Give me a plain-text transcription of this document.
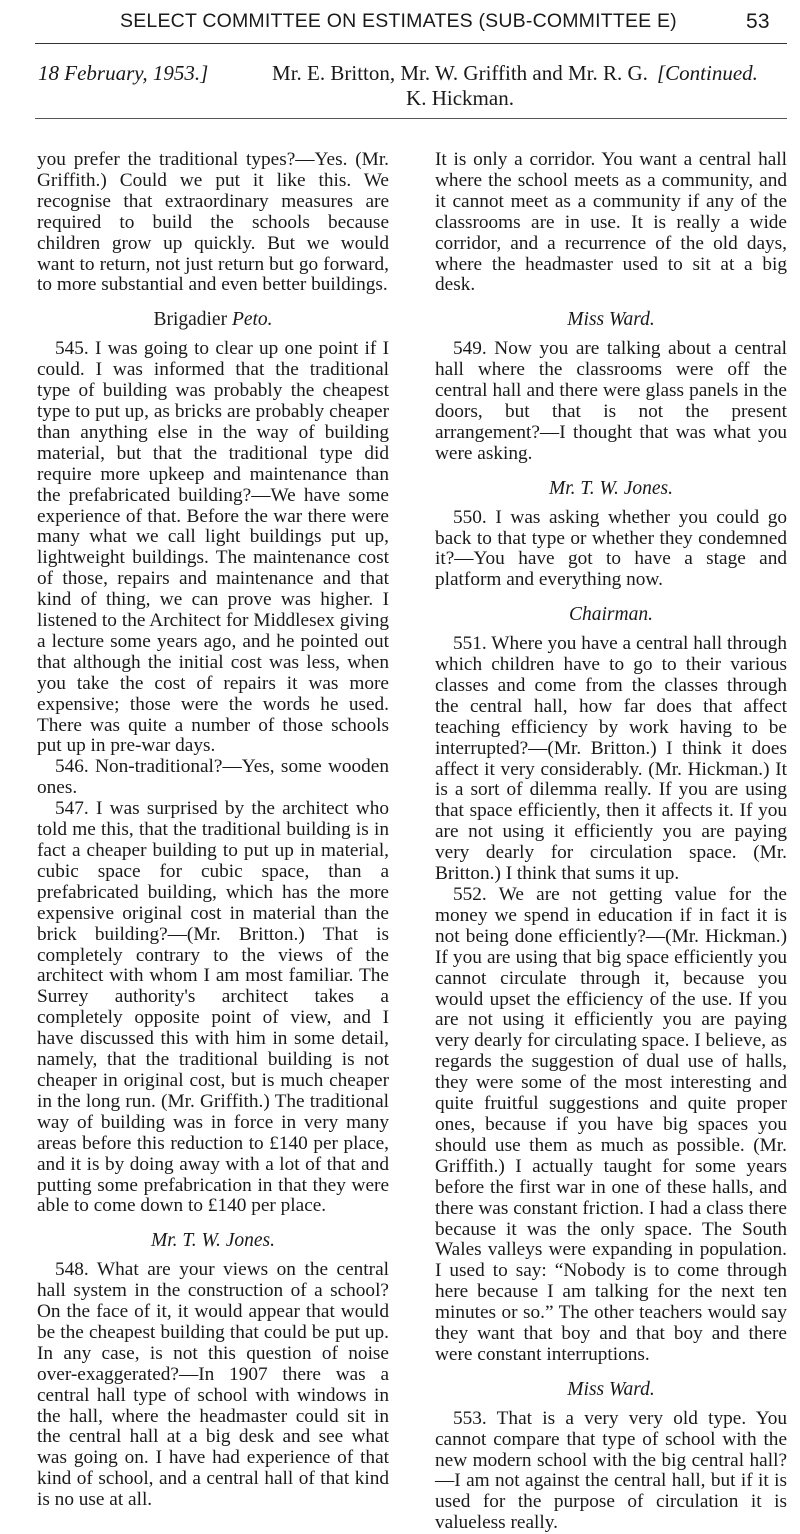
SELECT COMMITTEE ON ESTIMATES (SUB-COMMITTEE E)	53
18 February, 1953.]	Mr. E. Britton, Mr. W. Griffith and Mr. R. G. K. Hickman.
[Continued.

you prefer the traditional types?—Yes. (Mr. Griffith.) Could we put it like this. We recognise that extraordinary measures are required to build the schools because children grow up quickly. But we would want to return, not just return but go forward, to more substantial and even better buildings.

Brigadier Peto.

545. I was going to clear up one point if I could. I was informed that the traditional type of building was probably the cheapest type to put up, as bricks are probably cheaper than anything else in the way of building material, but that the traditional type did require more upkeep and maintenance than the prefabricated building?—We have some experience of that. Before the war there were many what we call light buildings put up, lightweight buildings. The maintenance cost of those, repairs and maintenance and that kind of thing, we can prove was higher. I listened to the Architect for Middlesex giving a lecture some years ago, and he pointed out that although the initial cost was less, when you take the cost of repairs it was more expensive; those were the words he used. There was quite a number of those schools put up in pre-war days.

546. Non-traditional?—Yes, some wooden ones.

547. I was surprised by the architect who told me this, that the traditional building is in fact a cheaper building to put up in material, cubic space for cubic space, than a prefabricated building, which has the more expensive original cost in material than the brick building?—(Mr. Britton.) That is completely contrary to the views of the architect with whom I am most familiar. The Surrey authority's architect takes a completely opposite point of view, and I have discussed this with him in some detail, namely, that the traditional building is not cheaper in original cost, but is much cheaper in the long run. (Mr. Griffith.) The traditional way of building was in force in very many areas before this reduction to £140 per place, and it is by doing away with a lot of that and putting some prefabrication in that they were able to come down to £140 per place.

Mr. T. W. Jones.

548. What are your views on the central hall system in the construction of a school? On the face of it, it would appear that would be the cheapest building that could be put up. In any case, is not this question of noise over-exaggerated?—In 1907 there was a central hall type of school with windows in the hall, where the headmaster could sit in the central hall at a big desk and see what was going on. I have had experience of that kind of school, and a central hall of that kind is no use at all.

It is only a corridor. You want a central hall where the school meets as a community, and it cannot meet as a community if any of the classrooms are in use. It is really a wide corridor, and a recurrence of the old days, where the headmaster used to sit at a big desk.

Miss Ward.

549. Now you are talking about a central hall where the classrooms were off the central hall and there were glass panels in the doors, but that is not the present arrangement?—I thought that was what you were asking.

Mr. T. W. Jones.

550. I was asking whether you could go back to that type or whether they condemned it?—You have got to have a stage and platform and everything now.

Chairman.

551. Where you have a central hall through which children have to go to their various classes and come from the classes through the central hall, how far does that affect teaching efficiency by work having to be interrupted?—(Mr. Britton.) I think it does affect it very considerably. (Mr. Hickman.) It is a sort of dilemma really. If you are using that space efficiently, then it affects it. If you are not using it efficiently you are paying very dearly for circulation space. (Mr. Britton.) I think that sums it up.

552. We are not getting value for the money we spend in education if in fact it is not being done efficiently?—(Mr. Hickman.) If you are using that big space efficiently you cannot circulate through it, because you would upset the efficiency of the use. If you are not using it efficiently you are paying very dearly for circulating space. I believe, as regards the suggestion of dual use of halls, they were some of the most interesting and quite fruitful suggestions and quite proper ones, because if you have big spaces you should use them as much as possible. (Mr. Griffith.) I actually taught for some years before the first war in one of these halls, and there was constant friction. I had a class there because it was the only space. The South Wales valleys were expanding in population. I used to say: “Nobody is to come through here because I am talking for the next ten minutes or so.” The other teachers would say they want that boy and that boy and there were constant interruptions.

Miss Ward.

553. That is a very very old type. You cannot compare that type of school with the new modern school with the big central hall?—I am not against the central hall, but if it is used for the purpose of circulation it is valueless really.
